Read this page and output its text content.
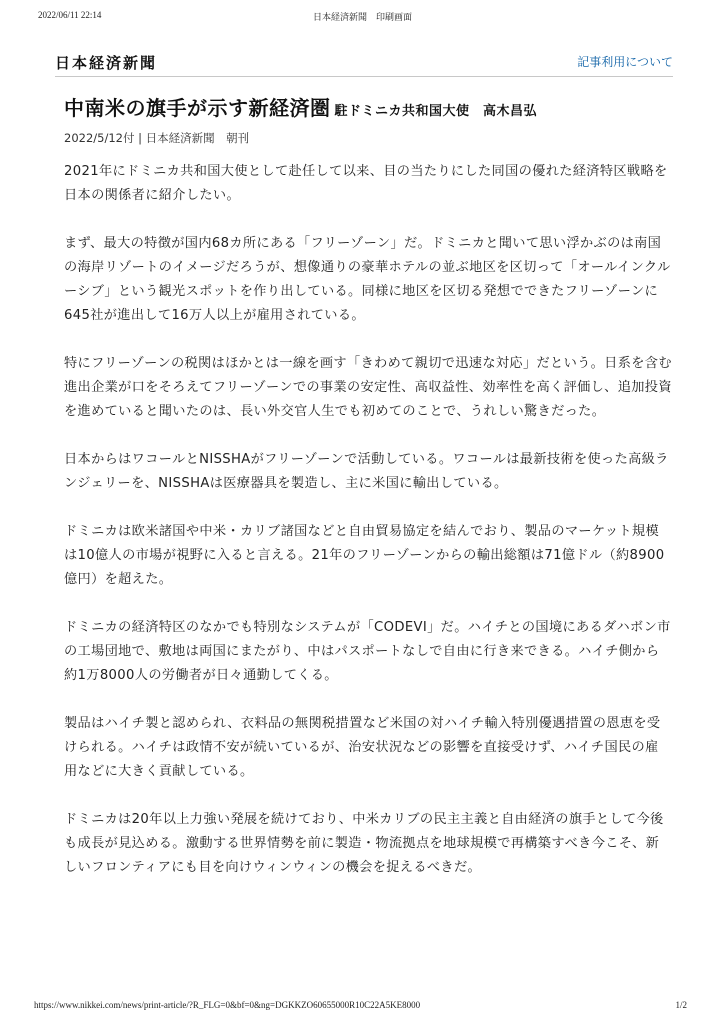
2022/06/11 22:14	日本経済新聞　印刷画面
日本経済新聞	記事利用について
中南米の旗手が示す新経済圏 駐ドミニカ共和国大使　高木昌弘
2022/5/12付 | 日本経済新聞　朝刊

2021年にドミニカ共和国大使として赴任して以来、目の当たりにした同国の優れた経済特区戦略を日本の関係者に紹介したい。

まず、最大の特徴が国内68カ所にある「フリーゾーン」だ。ドミニカと聞いて思い浮かぶのは南国の海岸リゾートのイメージだろうが、想像通りの豪華ホテルの並ぶ地区を区切って「オールインクルーシブ」という観光スポットを作り出している。同様に地区を区切る発想でできたフリーゾーンに645社が進出して16万人以上が雇用されている。

特にフリーゾーンの税関はほかとは一線を画す「きわめて親切で迅速な対応」だという。日系を含む進出企業が口をそろえてフリーゾーンでの事業の安定性、高収益性、効率性を高く評価し、追加投資を進めていると聞いたのは、長い外交官人生でも初めてのことで、うれしい驚きだった。

日本からはワコールとNISSHAがフリーゾーンで活動している。ワコールは最新技術を使った高級ランジェリーを、NISSHAは医療器具を製造し、主に米国に輸出している。

ドミニカは欧米諸国や中米・カリブ諸国などと自由貿易協定を結んでおり、製品のマーケット規模は10億人の市場が視野に入ると言える。21年のフリーゾーンからの輸出総額は71億ドル（約8900億円）を超えた。

ドミニカの経済特区のなかでも特別なシステムが「CODEVI」だ。ハイチとの国境にあるダハボン市の工場団地で、敷地は両国にまたがり、中はパスポートなしで自由に行き来できる。ハイチ側から約1万8000人の労働者が日々通勤してくる。

製品はハイチ製と認められ、衣料品の無関税措置など米国の対ハイチ輸入特別優遇措置の恩恵を受けられる。ハイチは政情不安が続いているが、治安状況などの影響を直接受けず、ハイチ国民の雇用などに大きく貢献している。

ドミニカは20年以上力強い発展を続けており、中米カリブの民主主義と自由経済の旗手として今後も成長が見込める。激動する世界情勢を前に製造・物流拠点を地球規模で再構築すべき今こそ、新しいフロンティアにも目を向けウィンウィンの機会を捉えるべきだ。

https://www.nikkei.com/news/print-article/?R_FLG=0&bf=0&ng=DGKKZO60655000R10C22A5KE8000	1/2
